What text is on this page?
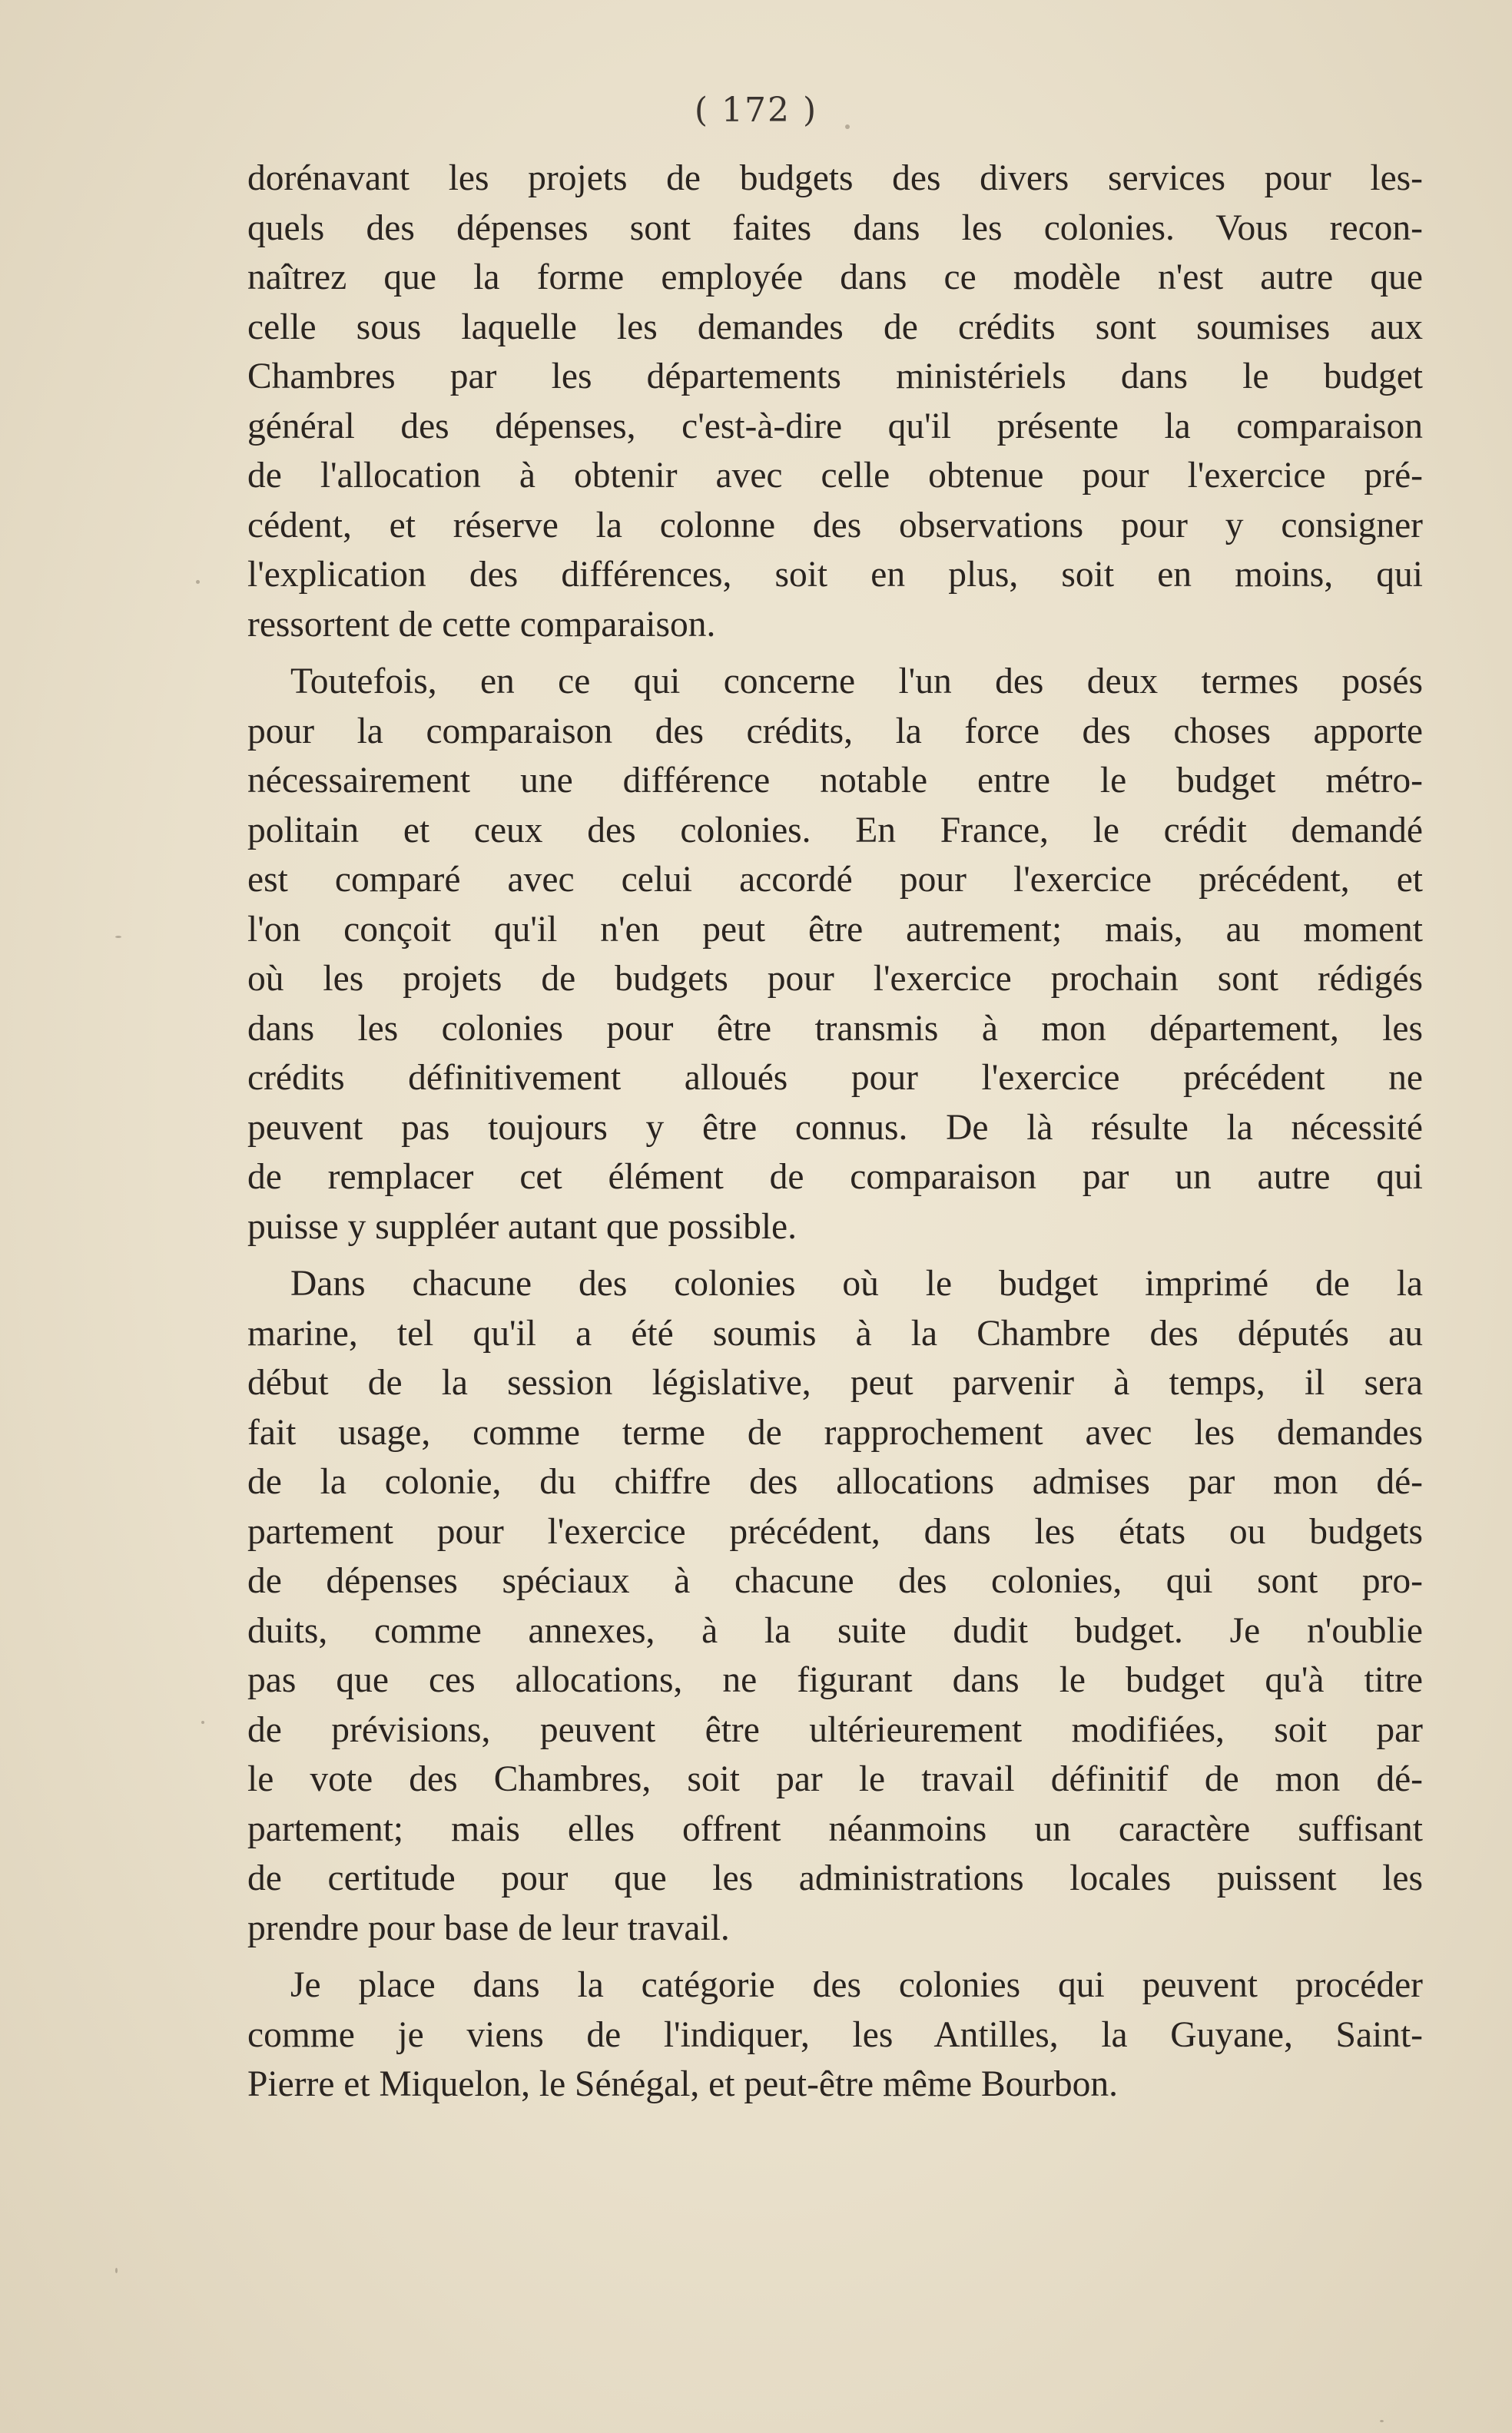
( 172 )
dorénavant les projets de budgets des divers services pour les-
quels des dépenses sont faites dans les colonies. Vous recon-
naîtrez que la forme employée dans ce modèle n'est autre que
celle sous laquelle les demandes de crédits sont soumises aux
Chambres par les départements ministériels dans le budget
général des dépenses, c'est-à-dire qu'il présente la comparaison
de l'allocation à obtenir avec celle obtenue pour l'exercice pré-
cédent, et réserve la colonne des observations pour y consigner
l'explication des différences, soit en plus, soit en moins, qui
ressortent de cette comparaison.
Toutefois, en ce qui concerne l'un des deux termes posés
pour la comparaison des crédits, la force des choses apporte
nécessairement une différence notable entre le budget métro-
politain et ceux des colonies. En France, le crédit demandé
est comparé avec celui accordé pour l'exercice précédent, et
l'on conçoit qu'il n'en peut être autrement; mais, au moment
où les projets de budgets pour l'exercice prochain sont rédigés
dans les colonies pour être transmis à mon département, les
crédits définitivement alloués pour l'exercice précédent ne
peuvent pas toujours y être connus. De là résulte la nécessité
de remplacer cet élément de comparaison par un autre qui
puisse y suppléer autant que possible.
Dans chacune des colonies où le budget imprimé de la
marine, tel qu'il a été soumis à la Chambre des députés au
début de la session législative, peut parvenir à temps, il sera
fait usage, comme terme de rapprochement avec les demandes
de la colonie, du chiffre des allocations admises par mon dé-
partement pour l'exercice précédent, dans les états ou budgets
de dépenses spéciaux à chacune des colonies, qui sont pro-
duits, comme annexes, à la suite dudit budget. Je n'oublie
pas que ces allocations, ne figurant dans le budget qu'à titre
de prévisions, peuvent être ultérieurement modifiées, soit par
le vote des Chambres, soit par le travail définitif de mon dé-
partement; mais elles offrent néanmoins un caractère suffisant
de certitude pour que les administrations locales puissent les
prendre pour base de leur travail.
Je place dans la catégorie des colonies qui peuvent procéder
comme je viens de l'indiquer, les Antilles, la Guyane, Saint-
Pierre et Miquelon, le Sénégal, et peut-être même Bourbon.
